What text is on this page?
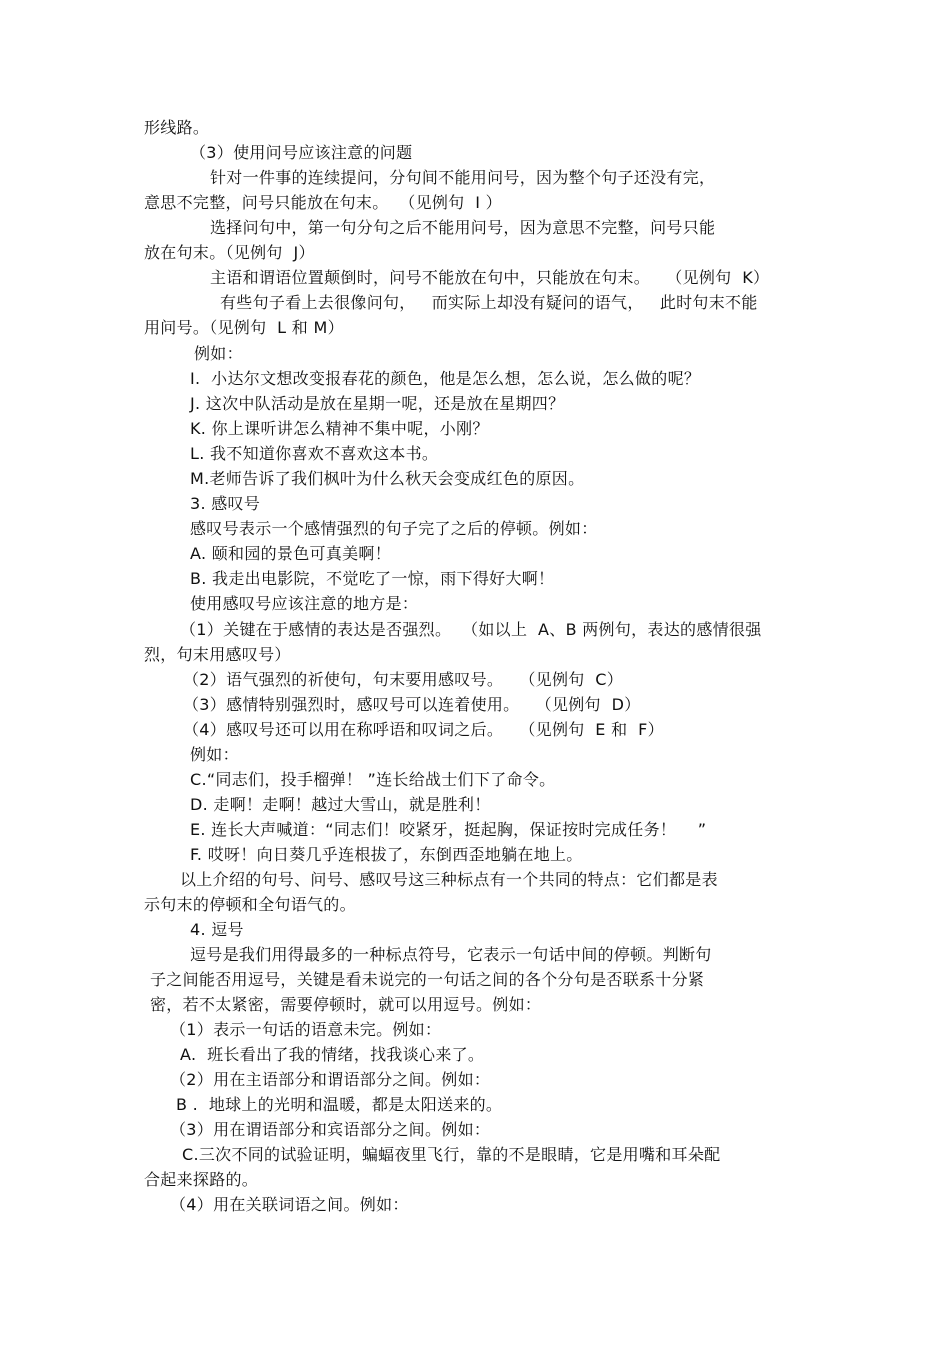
形线路。
（3）使用问号应该注意的问题
针对一件事的连续提问，分句间不能用问号，因为整个句子还没有完，
意思不完整，问号只能放在句末。  （见例句  I ）
选择问句中，第一句分句之后不能用问号，因为意思不完整，问号只能
放在句末。（见例句  J）
主语和谓语位置颠倒时，问号不能放在句中，只能放在句末。   （见例句  K）
有些句子看上去很像问句，   而实际上却没有疑问的语气，   此时句末不能
用问号。（见例句  L 和 M）
例如：
I.  小达尔文想改变报春花的颜色，他是怎么想，怎么说，怎么做的呢？
J. 这次中队活动是放在星期一呢，还是放在星期四？
K. 你上课听讲怎么精神不集中呢，小刚？
L. 我不知道你喜欢不喜欢这本书。
M.老师告诉了我们枫叶为什么秋天会变成红色的原因。
3. 感叹号
感叹号表示一个感情强烈的句子完了之后的停顿。例如：
A. 颐和园的景色可真美啊！
B. 我走出电影院，不觉吃了一惊，雨下得好大啊！
使用感叹号应该注意的地方是：
（1）关键在于感情的表达是否强烈。  （如以上  A、B 两例句，表达的感情很强
烈，句末用感叹号）
（2）语气强烈的祈使句，句末要用感叹号。   （见例句  C）
（3）感情特别强烈时，感叹号可以连着使用。   （见例句  D）
（4）感叹号还可以用在称呼语和叹词之后。   （见例句  E 和  F）
例如：
C.“同志们，投手榴弹！ ”连长给战士们下了命令。
D. 走啊！走啊！越过大雪山，就是胜利！
E. 连长大声喊道：“同志们！咬紧牙，挺起胸，保证按时完成任务！    ”
F. 哎呀！向日葵几乎连根拔了，东倒西歪地躺在地上。
以上介绍的句号、问号、感叹号这三种标点有一个共同的特点：它们都是表
示句末的停顿和全句语气的。
4. 逗号
逗号是我们用得最多的一种标点符号，它表示一句话中间的停顿。判断句
子之间能否用逗号，关键是看未说完的一句话之间的各个分句是否联系十分紧
密，若不太紧密，需要停顿时，就可以用逗号。例如：
（1）表示一句话的语意未完。例如：
A.  班长看出了我的情绪，找我谈心来了。
（2）用在主语部分和谓语部分之间。例如：
B .  地球上的光明和温暖，都是太阳送来的。
（3）用在谓语部分和宾语部分之间。例如：
C.三次不同的试验证明，蝙蝠夜里飞行，靠的不是眼睛，它是用嘴和耳朵配
合起来探路的。
（4）用在关联词语之间。例如：
